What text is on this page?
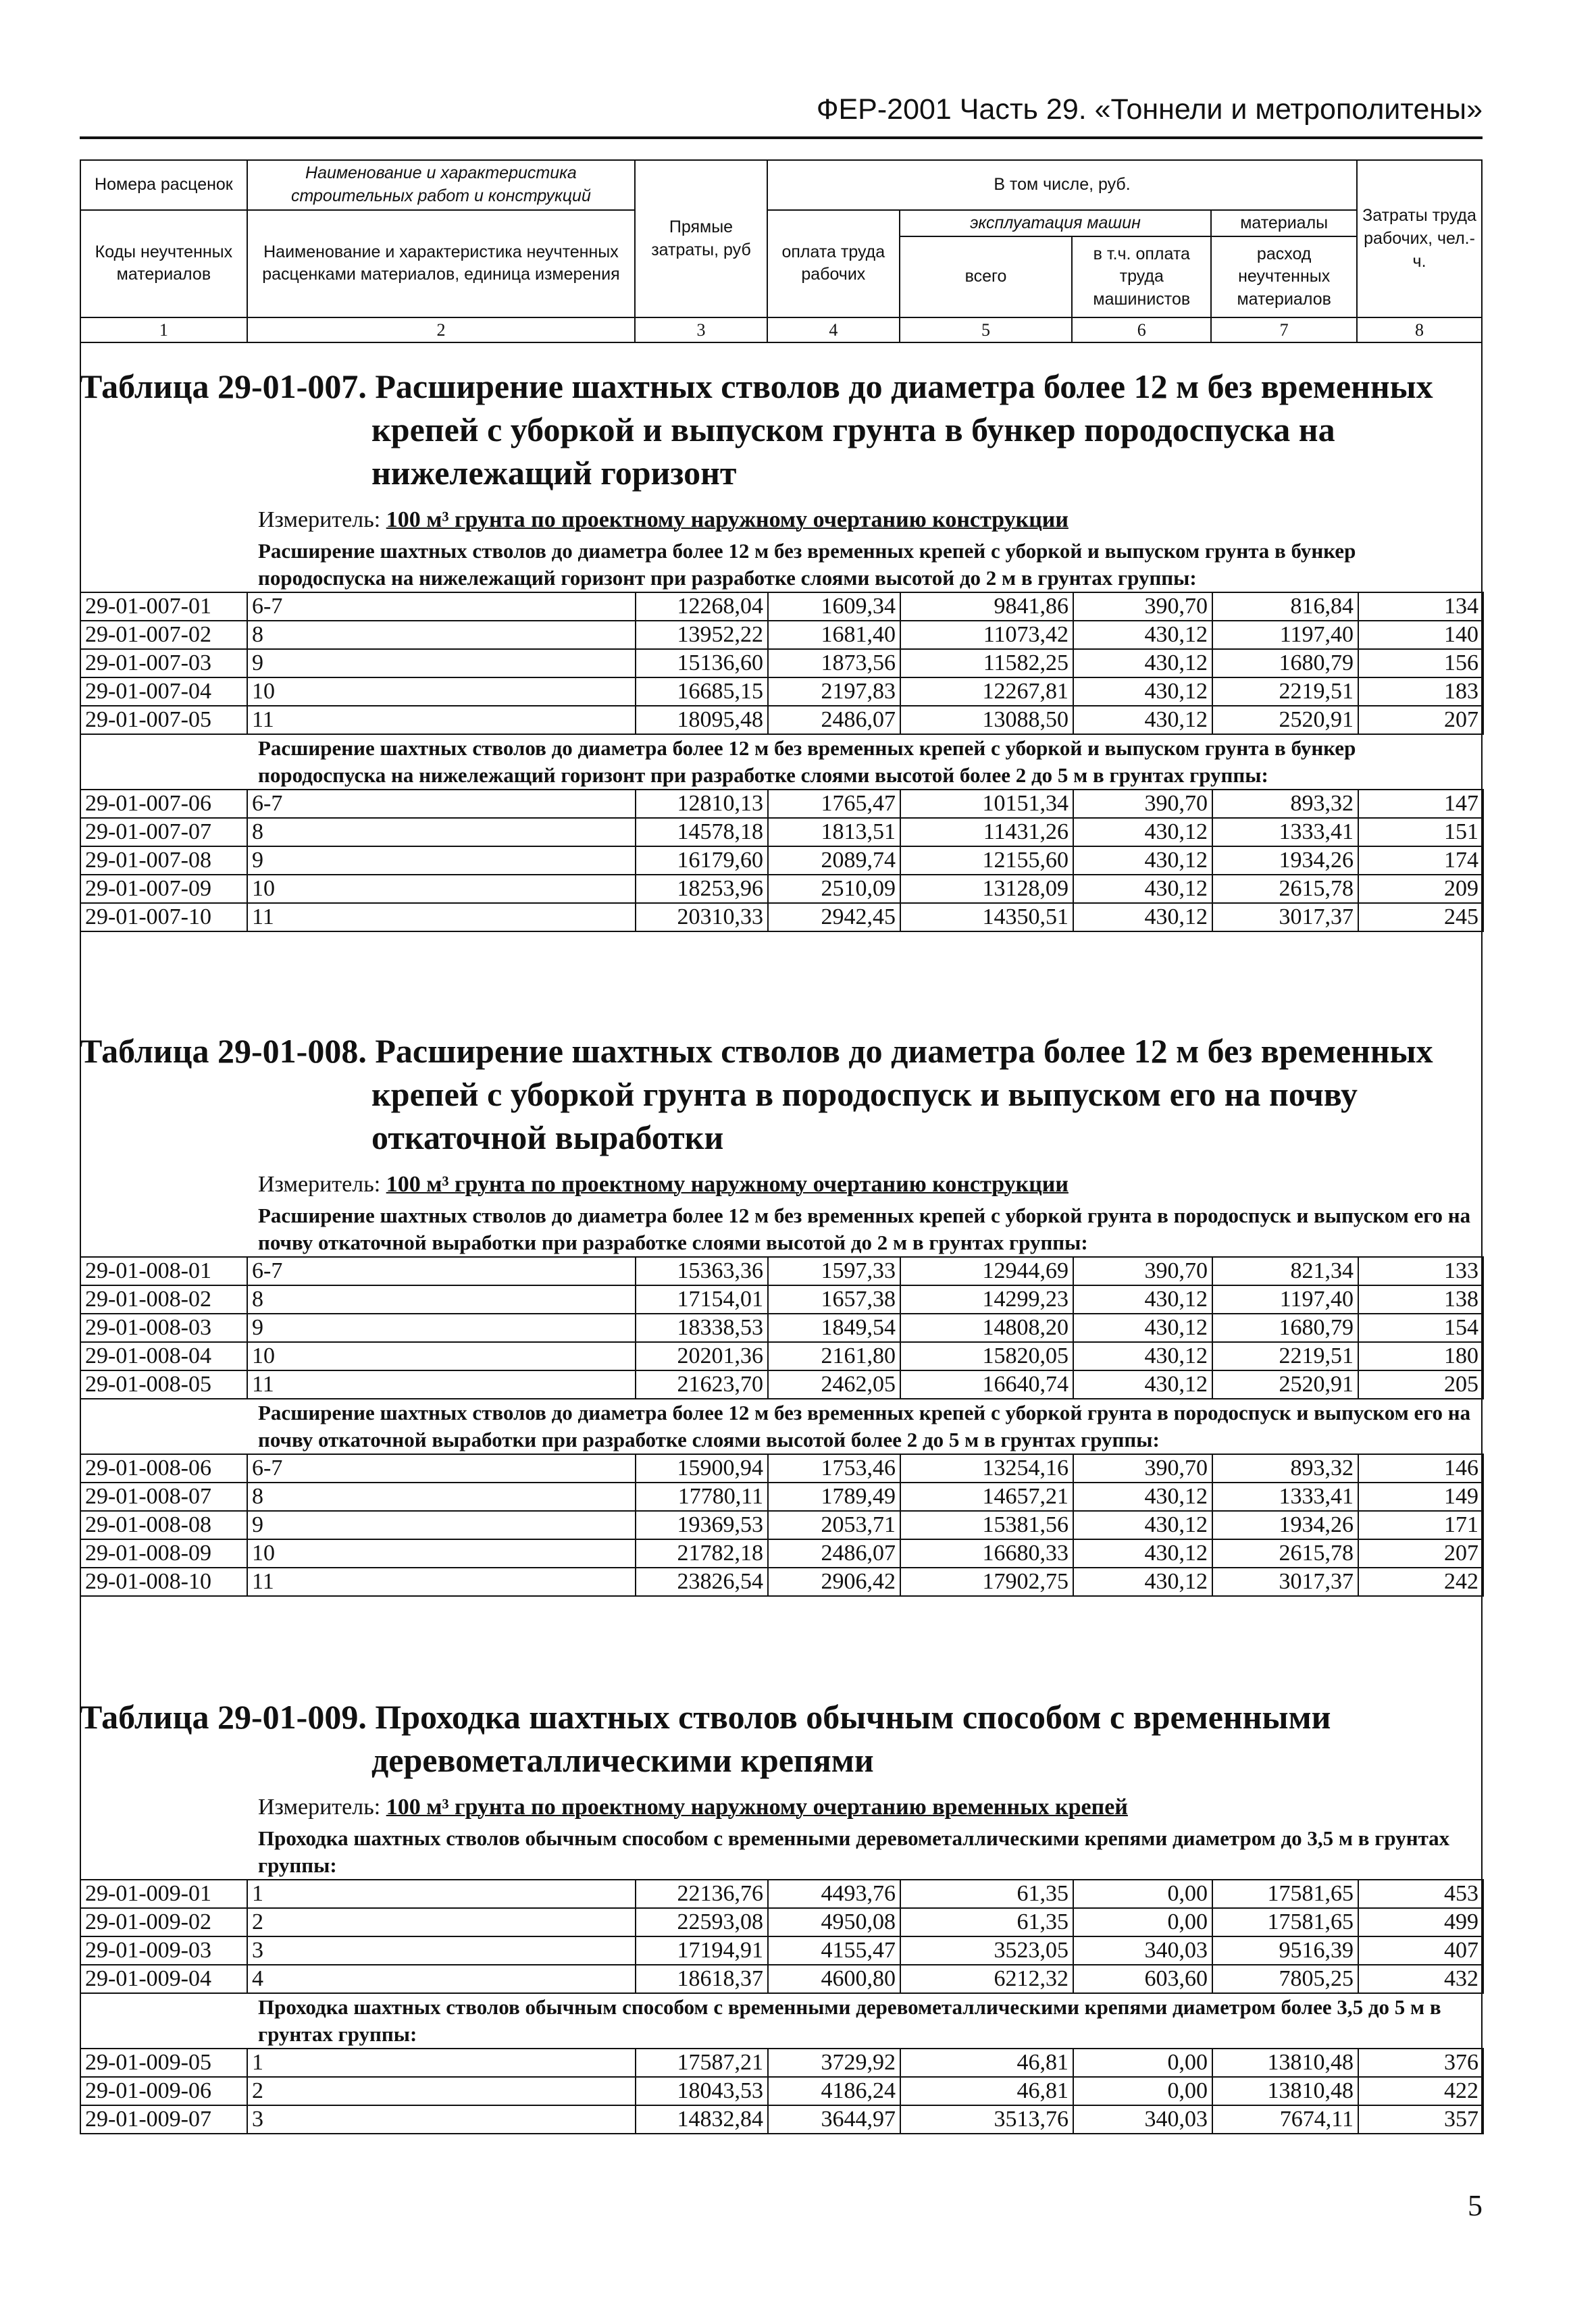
ФЕР-2001 Часть 29. «Тоннели и метрополитены»
Номера расценок	Наименование и характеристика строительных работ и конструкций	Прямые затраты, руб	В том числе, руб.				Затраты труда рабочих, чел.-ч.
Коды неучтенных материалов	Наименование и характеристика неучтенных расценками материалов, единица измерения		оплата труда рабочих	эксплуатация машин		материалы	
				всего	в т.ч. оплата труда машинистов	расход неучтенных материалов	
1	2	3	4	5	6	7	8
Таблица 29-01-007. Расширение шахтных стволов до диаметра более 12 м без временных крепей с уборкой и выпуском грунта в бункер породоспуска на нижележащий горизонт
Измеритель: 100 м³ грунта по проектному наружному очертанию конструкции
Расширение шахтных стволов до диаметра более 12 м без временных крепей с уборкой и выпуском грунта в бункер породоспуска на нижележащий горизонт при разработке слоями высотой до 2 м в грунтах группы:
29-01-007-01	6-7	12268,04	1609,34	9841,86	390,70	816,84	134
29-01-007-02	8	13952,22	1681,40	11073,42	430,12	1197,40	140
29-01-007-03	9	15136,60	1873,56	11582,25	430,12	1680,79	156
29-01-007-04	10	16685,15	2197,83	12267,81	430,12	2219,51	183
29-01-007-05	11	18095,48	2486,07	13088,50	430,12	2520,91	207
Расширение шахтных стволов до диаметра более 12 м без временных крепей с уборкой и выпуском грунта в бункер породоспуска на нижележащий горизонт при разработке слоями высотой более 2 до 5 м в грунтах группы:
29-01-007-06	6-7	12810,13	1765,47	10151,34	390,70	893,32	147
29-01-007-07	8	14578,18	1813,51	11431,26	430,12	1333,41	151
29-01-007-08	9	16179,60	2089,74	12155,60	430,12	1934,26	174
29-01-007-09	10	18253,96	2510,09	13128,09	430,12	2615,78	209
29-01-007-10	11	20310,33	2942,45	14350,51	430,12	3017,37	245
Таблица 29-01-008. Расширение шахтных стволов до диаметра более 12 м без временных крепей с уборкой грунта в породоспуск и выпуском его на почву откаточной выработки
Измеритель: 100 м³ грунта по проектному наружному очертанию конструкции
Расширение шахтных стволов до диаметра более 12 м без временных крепей с уборкой грунта в породоспуск и выпуском его на почву откаточной выработки при разработке слоями высотой до 2 м в грунтах группы:
29-01-008-01	6-7	15363,36	1597,33	12944,69	390,70	821,34	133
29-01-008-02	8	17154,01	1657,38	14299,23	430,12	1197,40	138
29-01-008-03	9	18338,53	1849,54	14808,20	430,12	1680,79	154
29-01-008-04	10	20201,36	2161,80	15820,05	430,12	2219,51	180
29-01-008-05	11	21623,70	2462,05	16640,74	430,12	2520,91	205
Расширение шахтных стволов до диаметра более 12 м без временных крепей с уборкой грунта в породоспуск и выпуском его на почву откаточной выработки при разработке слоями высотой более 2 до 5 м в грунтах группы:
29-01-008-06	6-7	15900,94	1753,46	13254,16	390,70	893,32	146
29-01-008-07	8	17780,11	1789,49	14657,21	430,12	1333,41	149
29-01-008-08	9	19369,53	2053,71	15381,56	430,12	1934,26	171
29-01-008-09	10	21782,18	2486,07	16680,33	430,12	2615,78	207
29-01-008-10	11	23826,54	2906,42	17902,75	430,12	3017,37	242
Таблица 29-01-009. Проходка шахтных стволов обычным способом с временными деревометаллическими крепями
Измеритель: 100 м³ грунта по проектному наружному очертанию временных крепей
Проходка шахтных стволов обычным способом с временными деревометаллическими крепями диаметром до 3,5 м в грунтах группы:
29-01-009-01	1	22136,76	4493,76	61,35	0,00	17581,65	453
29-01-009-02	2	22593,08	4950,08	61,35	0,00	17581,65	499
29-01-009-03	3	17194,91	4155,47	3523,05	340,03	9516,39	407
29-01-009-04	4	18618,37	4600,80	6212,32	603,60	7805,25	432
Проходка шахтных стволов обычным способом с временными деревометаллическими крепями диаметром более 3,5 до 5 м в грунтах группы:
29-01-009-05	1	17587,21	3729,92	46,81	0,00	13810,48	376
29-01-009-06	2	18043,53	4186,24	46,81	0,00	13810,48	422
29-01-009-07	3	14832,84	3644,97	3513,76	340,03	7674,11	357
5
